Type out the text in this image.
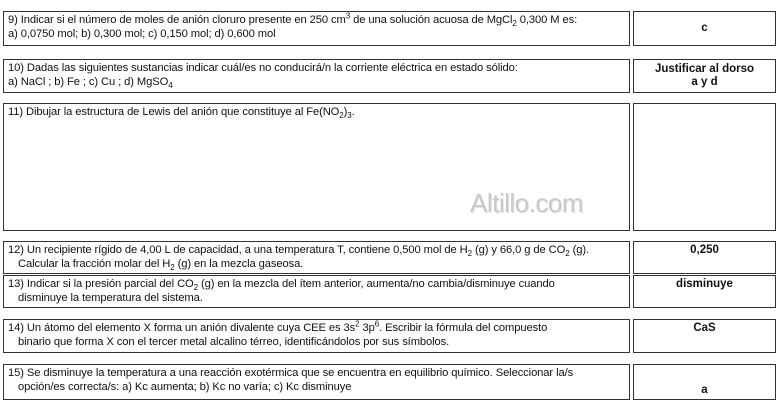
9) Indicar si el número de moles de anión cloruro presente en 250 $cm^3$ de una solución acuosa de MgCl$_2$ 0,300 M es:
a) 0,0750 mol; b) 0,300 mol; c) 0,150 mol; d) 0,600 mol	c
10) Dadas las siguientes sustancias indicar cuál/es no conducirá/n la corriente eléctrica en estado sólido:
a) NaCl ; b) Fe ; c) Cu ; d) MgSO$_4$
Justificar al dorso
a y d
11) Dibujar la estructura de Lewis del anión que constituye al $Fe(NO_2)_3$.
Altillo.com
12) Un recipiente rígido de 4,00 L de capacidad, a una temperatura T, contiene 0,500 mol de $H_2$ (g) y 66,0 g de $CO_2$ (g).
Calcular la fracción molar del $H_2$ (g) en la mezcla gaseosa.
0,250
13) Indicar si la presión parcial del $CO_2$ (g) en la mezcla del ítem anterior, aumenta/no cambia/disminuye cuando
disminuye la temperatura del sistema.
disminuye
14) Un átomo del elemento X forma un anión divalente cuya CEE es $3s^2$ $3p^6$. Escribir la fórmula del compuesto
binario que forma X con el tercer metal alcalino térreo, identificándolos por sus símbolos.
CaS
15) Se disminuye la temperatura a una reacción exotérmica que se encuentra en equilibrio químico. Seleccionar la/s
opción/es correcta/s: a) Kc aumenta; b) Kc no varía; c) Kc disminuye	a
